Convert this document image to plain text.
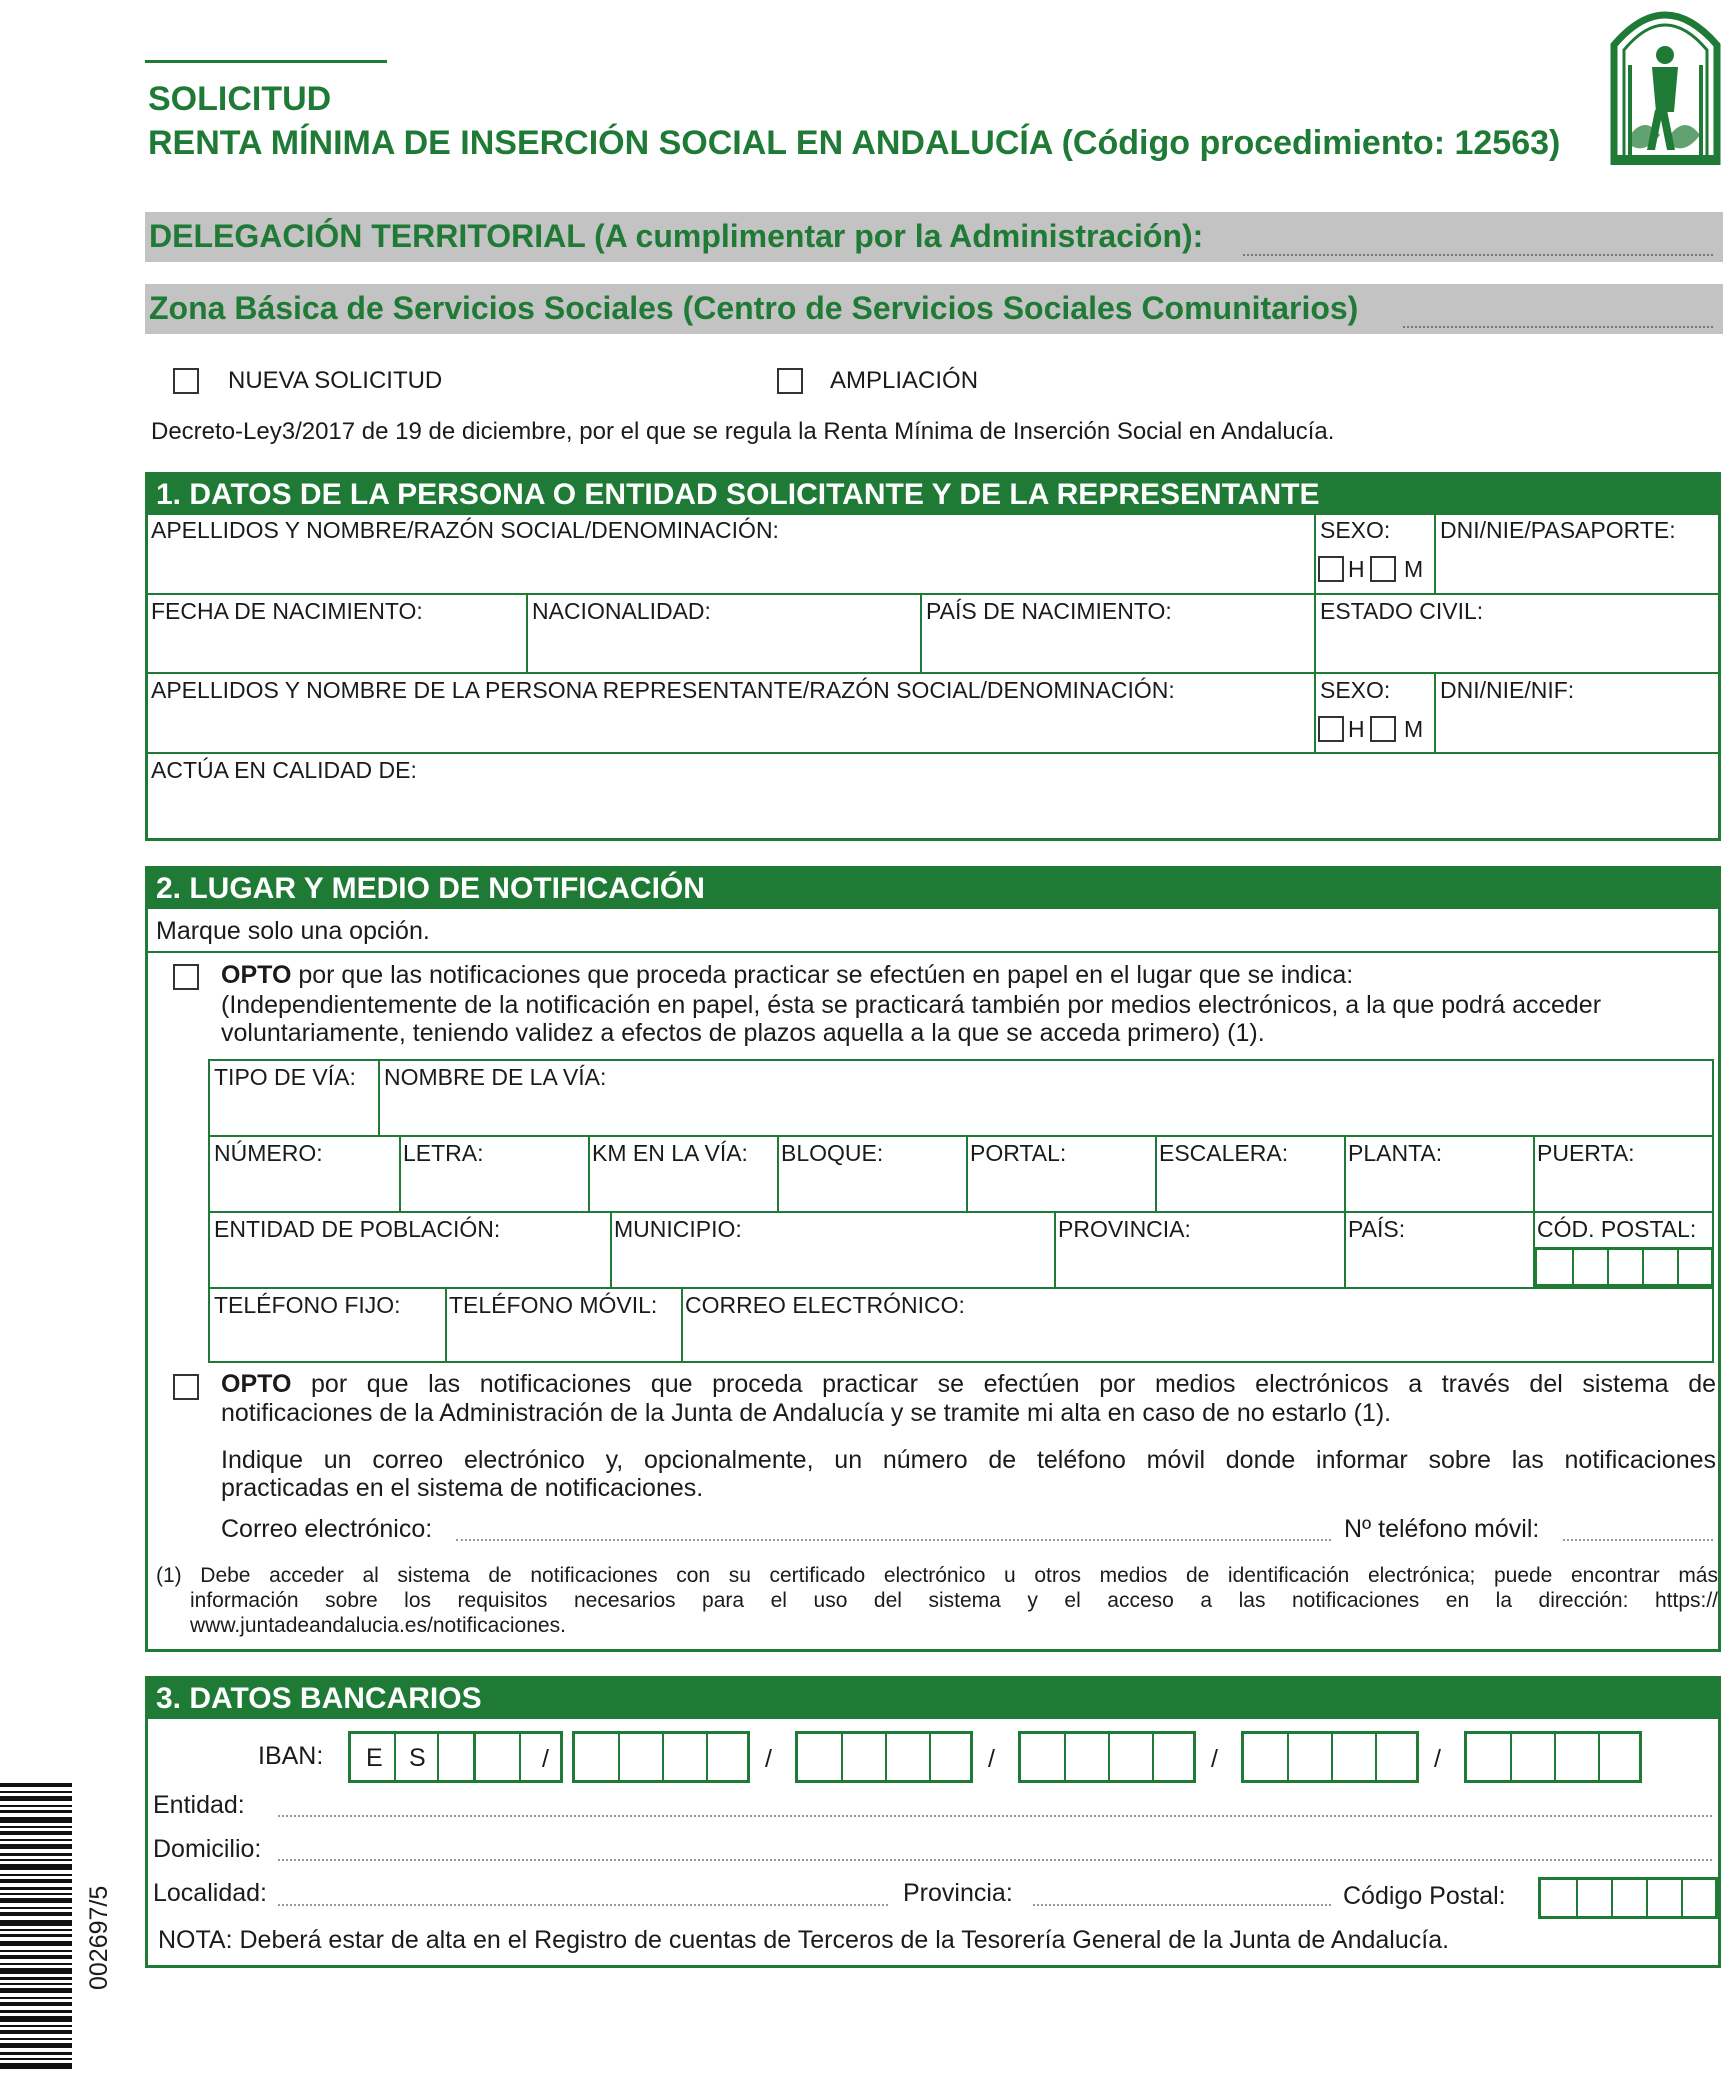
SOLICITUD
RENTA MÍNIMA DE INSERCIÓN SOCIAL EN ANDALUCÍA (Código procedimiento: 12563)
DELEGACIÓN TERRITORIAL (A cumplimentar por la Administración):
Zona Básica de Servicios Sociales (Centro de Servicios Sociales Comunitarios)
NUEVA SOLICITUD	AMPLIACIÓN
Decreto-Ley3/2017 de 19 de diciembre, por el que se regula la Renta Mínima de Inserción Social en Andalucía.
1. DATOS DE LA PERSONA O ENTIDAD SOLICITANTE Y DE LA REPRESENTANTE
APELLIDOS Y NOMBRE/RAZÓN SOCIAL/DENOMINACIÓN:	SEXO:
H M
DNI/NIE/PASAPORTE:
FECHA DE NACIMIENTO:	NACIONALIDAD:	PAÍS DE NACIMIENTO:	ESTADO CIVIL:
APELLIDOS Y NOMBRE DE LA PERSONA REPRESENTANTE/RAZÓN SOCIAL/DENOMINACIÓN:	SEXO:
H M
DNI/NIE/NIF:
ACTÚA EN CALIDAD DE:
2. LUGAR Y MEDIO DE NOTIFICACIÓN
Marque solo una opción.
OPTO por que las notificaciones que proceda practicar se efectúen en papel en el lugar que se indica:
(Independientemente de la notificación en papel, ésta se practicará también por medios electrónicos, a la que podrá acceder
voluntariamente, teniendo validez a efectos de plazos aquella a la que se acceda primero) (1).
TIPO DE VÍA: NOMBRE DE LA VÍA:
NÚMERO:	LETRA:	KM EN LA VÍA: BLOQUE:	PORTAL:	ESCALERA:	PLANTA:	PUERTA:
ENTIDAD DE POBLACIÓN:	MUNICIPIO:	PROVINCIA:	PAÍS:	CÓD. POSTAL:
TELÉFONO FIJO: TELÉFONO MÓVIL: CORREO ELECTRÓNICO:
OPTO por que las notificaciones que proceda practicar se efectúen por medios electrónicos a través del sistema de
notificaciones de la Administración de la Junta de Andalucía y se tramite mi alta en caso de no estarlo (1).
Indique un correo electrónico y, opcionalmente, un número de teléfono móvil donde informar sobre las notificaciones
practicadas en el sistema de notificaciones.
Correo electrónico:	Nº teléfono móvil:
(1) Debe acceder al sistema de notificaciones con su certificado electrónico u otros medios de identificación electrónica; puede encontrar más
información sobre los requisitos necesarios para el uso del sistema y el acceso a las notificaciones en la dirección: https://
www.juntadeandalucia.es/notificaciones.
3. DATOS BANCARIOS
IBAN: E S	/	/	/	/	/
Entidad:
Domicilio:
Localidad:	Provincia:	Código Postal:
NOTA: Deberá estar de alta en el Registro de cuentas de Terceros de la Tesorería General de la Junta de Andalucía.
002697/5
